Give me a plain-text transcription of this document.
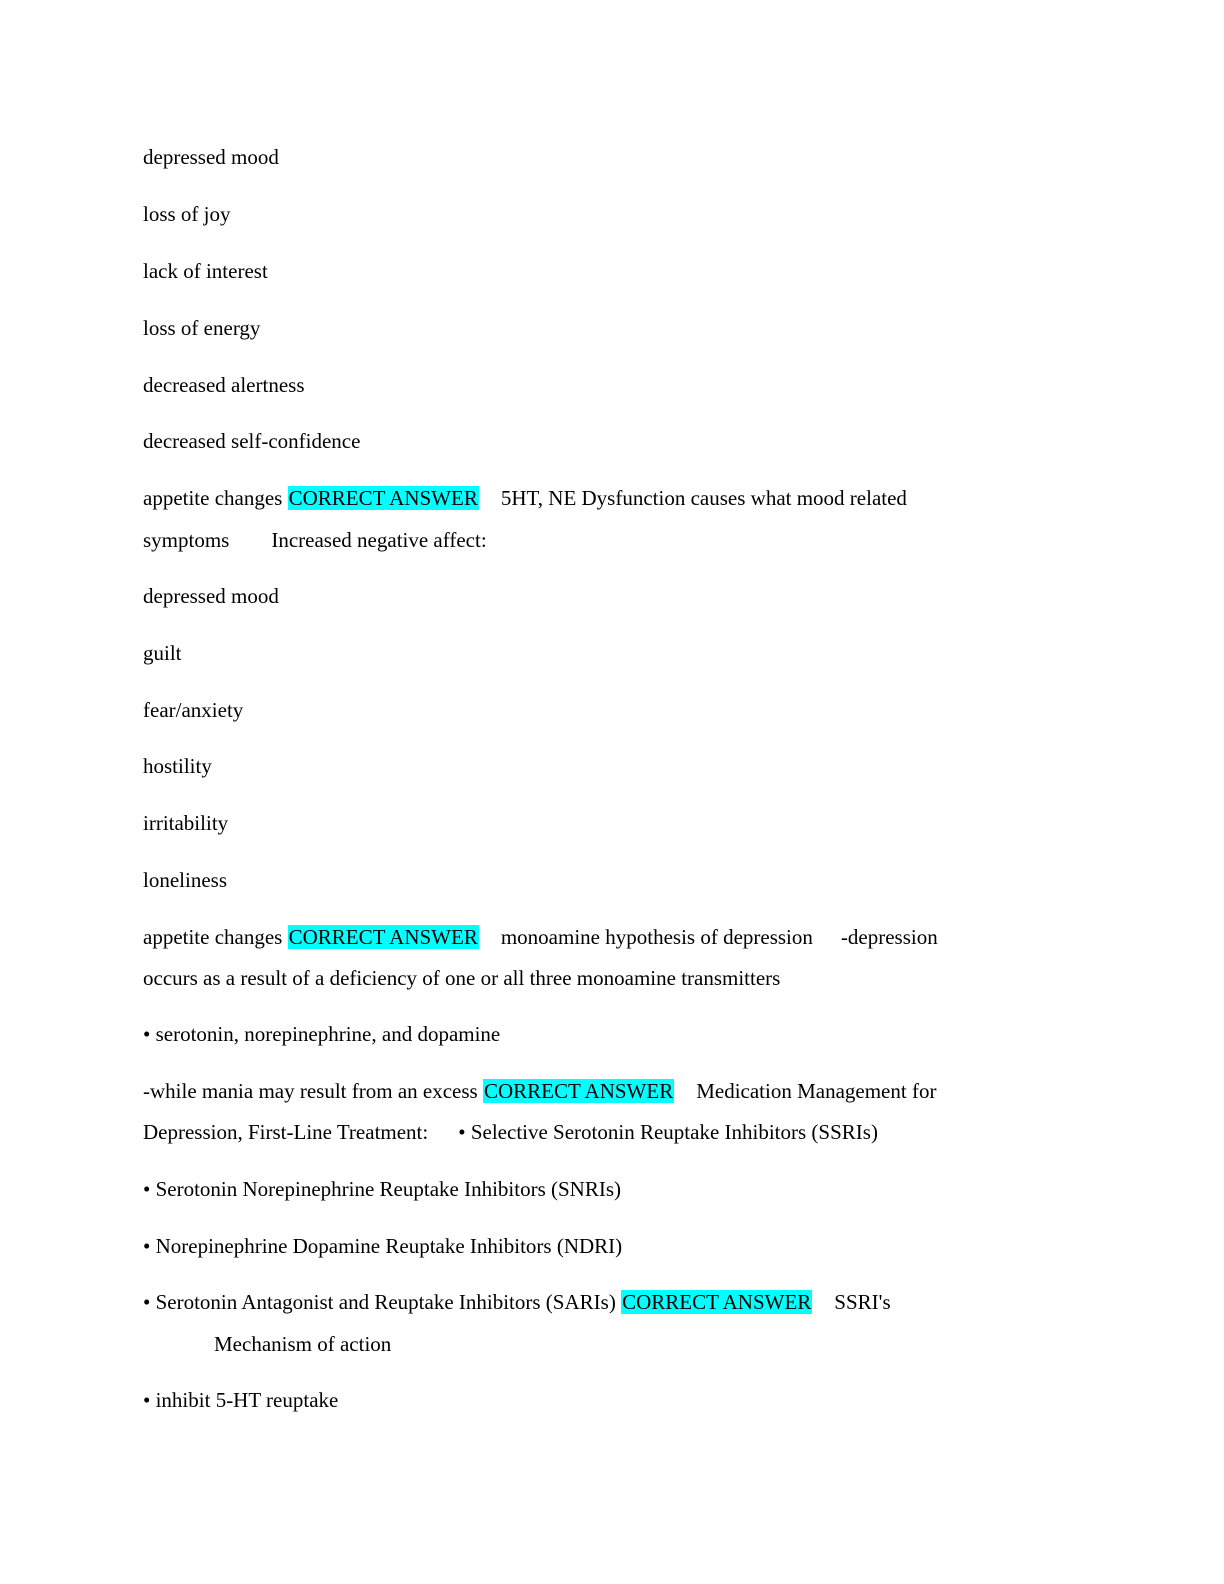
depressed mood
loss of joy
lack of interest
loss of energy
decreased alertness
decreased self-confidence
appetite changes CORRECT ANSWER 5HT, NE Dysfunction causes what mood related
symptoms Increased negative affect:
depressed mood
guilt
fear/anxiety
hostility
irritability
loneliness
appetite changes CORRECT ANSWER monoamine hypothesis of depression -depression
occurs as a result of a deficiency of one or all three monoamine transmitters
• serotonin, norepinephrine, and dopamine
-while mania may result from an excess CORRECT ANSWER Medication Management for
Depression, First-Line Treatment: • Selective Serotonin Reuptake Inhibitors (SSRIs)
• Serotonin Norepinephrine Reuptake Inhibitors (SNRIs)
• Norepinephrine Dopamine Reuptake Inhibitors (NDRI)
• Serotonin Antagonist and Reuptake Inhibitors (SARIs) CORRECT ANSWER SSRI's
Mechanism of action
• inhibit 5-HT reuptake
